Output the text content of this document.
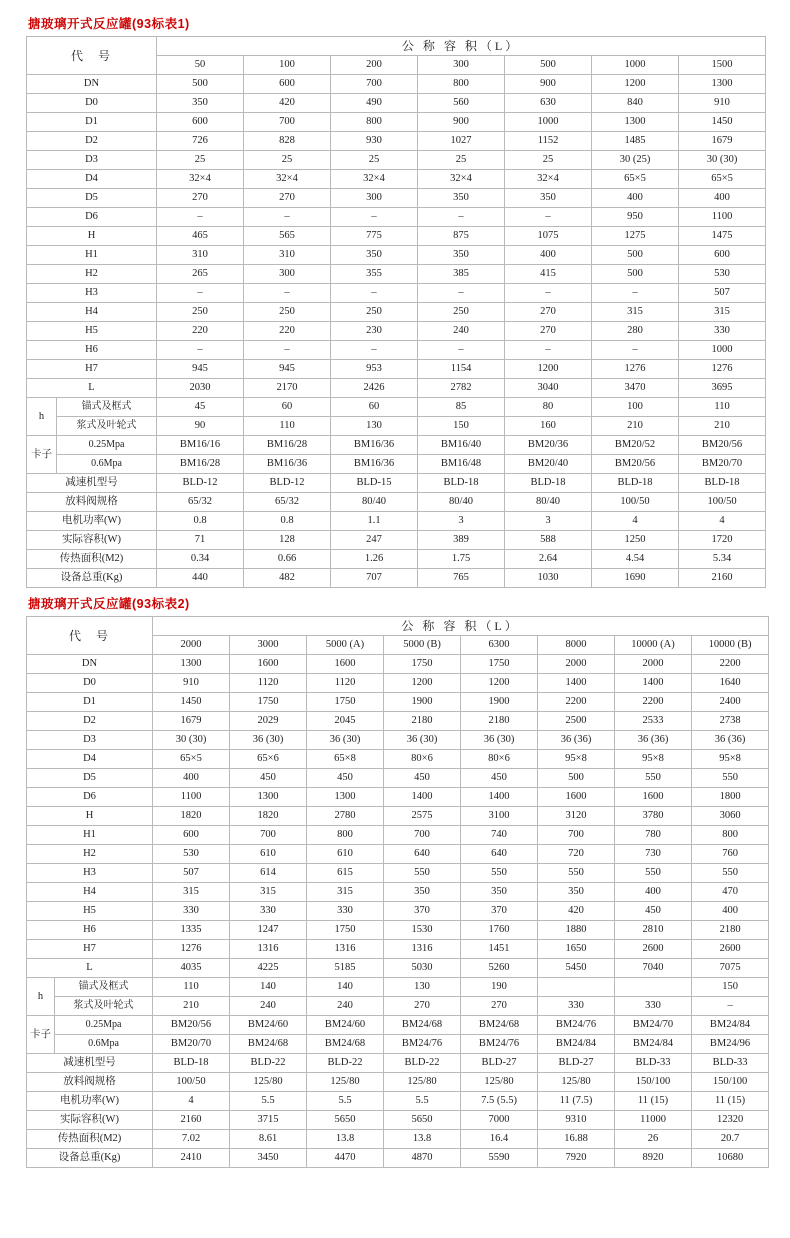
搪玻璃开式反应罐(93标表1)
代 号		公 称 容 积（L）						
		50	100	200	300	500	1000	1500
DN		500	600	700	800	900	1200	1300
D0		350	420	490	560	630	840	910
D1		600	700	800	900	1000	1300	1450
D2		726	828	930	1027	1152	1485	1679
D3		25	25	25	25	25	30 (25)	30 (30)
D4		32×4	32×4	32×4	32×4	32×4	65×5	65×5
D5		270	270	300	350	350	400	400
D6		–	–	–	–	–	950	1100
H		465	565	775	875	1075	1275	1475
H1		310	310	350	350	400	500	600
H2		265	300	355	385	415	500	530
H3		–	–	–	–	–	–	507
H4		250	250	250	250	270	315	315
H5		220	220	230	240	270	280	330
H6		–	–	–	–	–	–	1000
H7		945	945	953	1154	1200	1276	1276
L		2030	2170	2426	2782	3040	3470	3695
h	锚式及框式	45	60	60	85	80	100	110
	浆式及叶轮式	90	110	130	150	160	210	210
卡子	0.25Mpa	BM16/16	BM16/28	BM16/36	BM16/40	BM20/36	BM20/52	BM20/56
	0.6Mpa	BM16/28	BM16/36	BM16/36	BM16/48	BM20/40	BM20/56	BM20/70
减速机型号		BLD-12	BLD-12	BLD-15	BLD-18	BLD-18	BLD-18	BLD-18
放料阀规格		65/32	65/32	80/40	80/40	80/40	100/50	100/50
电机功率(W)		0.8	0.8	1.1	3	3	4	4
实际容积(W)		71	128	247	389	588	1250	1720
传热面积(M2)		0.34	0.66	1.26	1.75	2.64	4.54	5.34
设备总重(Kg)		440	482	707	765	1030	1690	2160
搪玻璃开式反应罐(93标表2)
代 号		公 称 容 积（L）							
		2000	3000	5000 (A)	5000 (B)	6300	8000	10000 (A)	10000 (B)
DN		1300	1600	1600	1750	1750	2000	2000	2200
D0		910	1120	1120	1200	1200	1400	1400	1640
D1		1450	1750	1750	1900	1900	2200	2200	2400
D2		1679	2029	2045	2180	2180	2500	2533	2738
D3		30 (30)	36 (30)	36 (30)	36 (30)	36 (30)	36 (36)	36 (36)	36 (36)
D4		65×5	65×6	65×8	80×6	80×6	95×8	95×8	95×8
D5		400	450	450	450	450	500	550	550
D6		1100	1300	1300	1400	1400	1600	1600	1800
H		1820	1820	2780	2575	3100	3120	3780	3060
H1		600	700	800	700	740	700	780	800
H2		530	610	610	640	640	720	730	760
H3		507	614	615	550	550	550	550	550
H4		315	315	315	350	350	350	400	470
H5		330	330	330	370	370	420	450	400
H6		1335	1247	1750	1530	1760	1880	2810	2180
H7		1276	1316	1316	1316	1451	1650	2600	2600
L		4035	4225	5185	5030	5260	5450	7040	7075
h	锚式及框式	110	140	140	130	190			150
	浆式及叶轮式	210	240	240	270	270	330	330	–
卡子	0.25Mpa	BM20/56	BM24/60	BM24/60	BM24/68	BM24/68	BM24/76	BM24/70	BM24/84
	0.6Mpa	BM20/70	BM24/68	BM24/68	BM24/76	BM24/76	BM24/84	BM24/84	BM24/96
减速机型号		BLD-18	BLD-22	BLD-22	BLD-22	BLD-27	BLD-27	BLD-33	BLD-33
放料阀规格		100/50	125/80	125/80	125/80	125/80	125/80	150/100	150/100
电机功率(W)		4	5.5	5.5	5.5	7.5 (5.5)	11 (7.5)	11 (15)	11 (15)
实际容积(W)		2160	3715	5650	5650	7000	9310	11000	12320
传热面积(M2)		7.02	8.61	13.8	13.8	16.4	16.88	26	20.7
设备总重(Kg)		2410	3450	4470	4870	5590	7920	8920	10680
